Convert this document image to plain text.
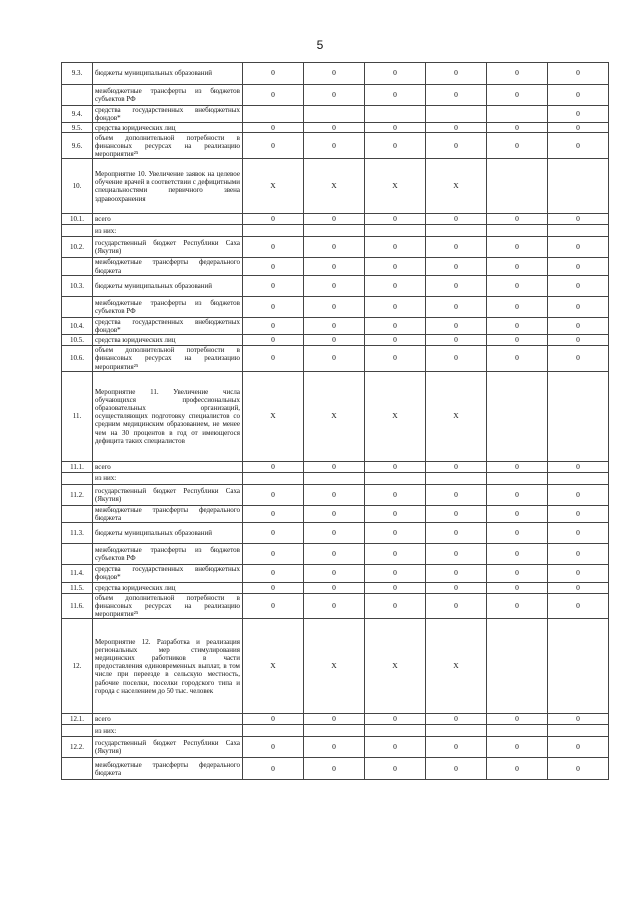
5
9.3.	бюджеты муниципальных образований	0	0	0	0	0	0
	межбюджетные трансферты из бюджетов субъектов РФ	0	0	0	0	0	0
9.4.	средства государственных внебюджетных фондов*						0
9.5.	средства юридических лиц	0	0	0	0	0	0
9.6.	объем дополнительной потребности в финансовых ресурсах на реализацию мероприятия²⁵	0	0	0	0	0	0
10.	Мероприятие 10. Увеличение заявок на целевое обучение врачей в соответствии с дефицитными специальностями первичного звена здравоохранения	X	X	X	X		
10.1.	всего	0	0	0	0	0	0
	из них:						
10.2.	государственный бюджет Республики Саха (Якутия)	0	0	0	0	0	0
	межбюджетные трансферты федерального бюджета	0	0	0	0	0	0
10.3.	бюджеты муниципальных образований	0	0	0	0	0	0
	межбюджетные трансферты из бюджетов субъектов РФ	0	0	0	0	0	0
10.4.	средства государственных внебюджетных фондов*	0	0	0	0	0	0
10.5.	средства юридических лиц	0	0	0	0	0	0
10.6.	объем дополнительной потребности в финансовых ресурсах на реализацию мероприятия²⁵	0	0	0	0	0	0
11.	Мероприятие 11. Увеличение числа обучающихся профессиональных образовательных организаций, осуществляющих подготовку специалистов со средним медицинским образованием, не менее чем на 30 процентов в год от имеющегося дефицита таких специалистов	X	X	X	X		
11.1.	всего	0	0	0	0	0	0
	из них:						
11.2.	государственный бюджет Республики Саха (Якутия)	0	0	0	0	0	0
	межбюджетные трансферты федерального бюджета	0	0	0	0	0	0
11.3.	бюджеты муниципальных образований	0	0	0	0	0	0
	межбюджетные трансферты из бюджетов субъектов РФ	0	0	0	0	0	0
11.4.	средства государственных внебюджетных фондов*	0	0	0	0	0	0
11.5.	средства юридических лиц	0	0	0	0	0	0
11.6.	объем дополнительной потребности в финансовых ресурсах на реализацию мероприятия²⁵	0	0	0	0	0	0
12.	Мероприятие 12. Разработка и реализация региональных мер стимулирования медицинских работников в части предоставления единовременных выплат, в том числе при переезде в сельскую местность, рабочие поселки, поселки городского типа и города с населением до 50 тыс. человек	X	X	X	X		
12.1.	всего	0	0	0	0	0	0
	из них:						
12.2.	государственный бюджет Республики Саха (Якутия)	0	0	0	0	0	0
	межбюджетные трансферты федерального бюджета	0	0	0	0	0	0
